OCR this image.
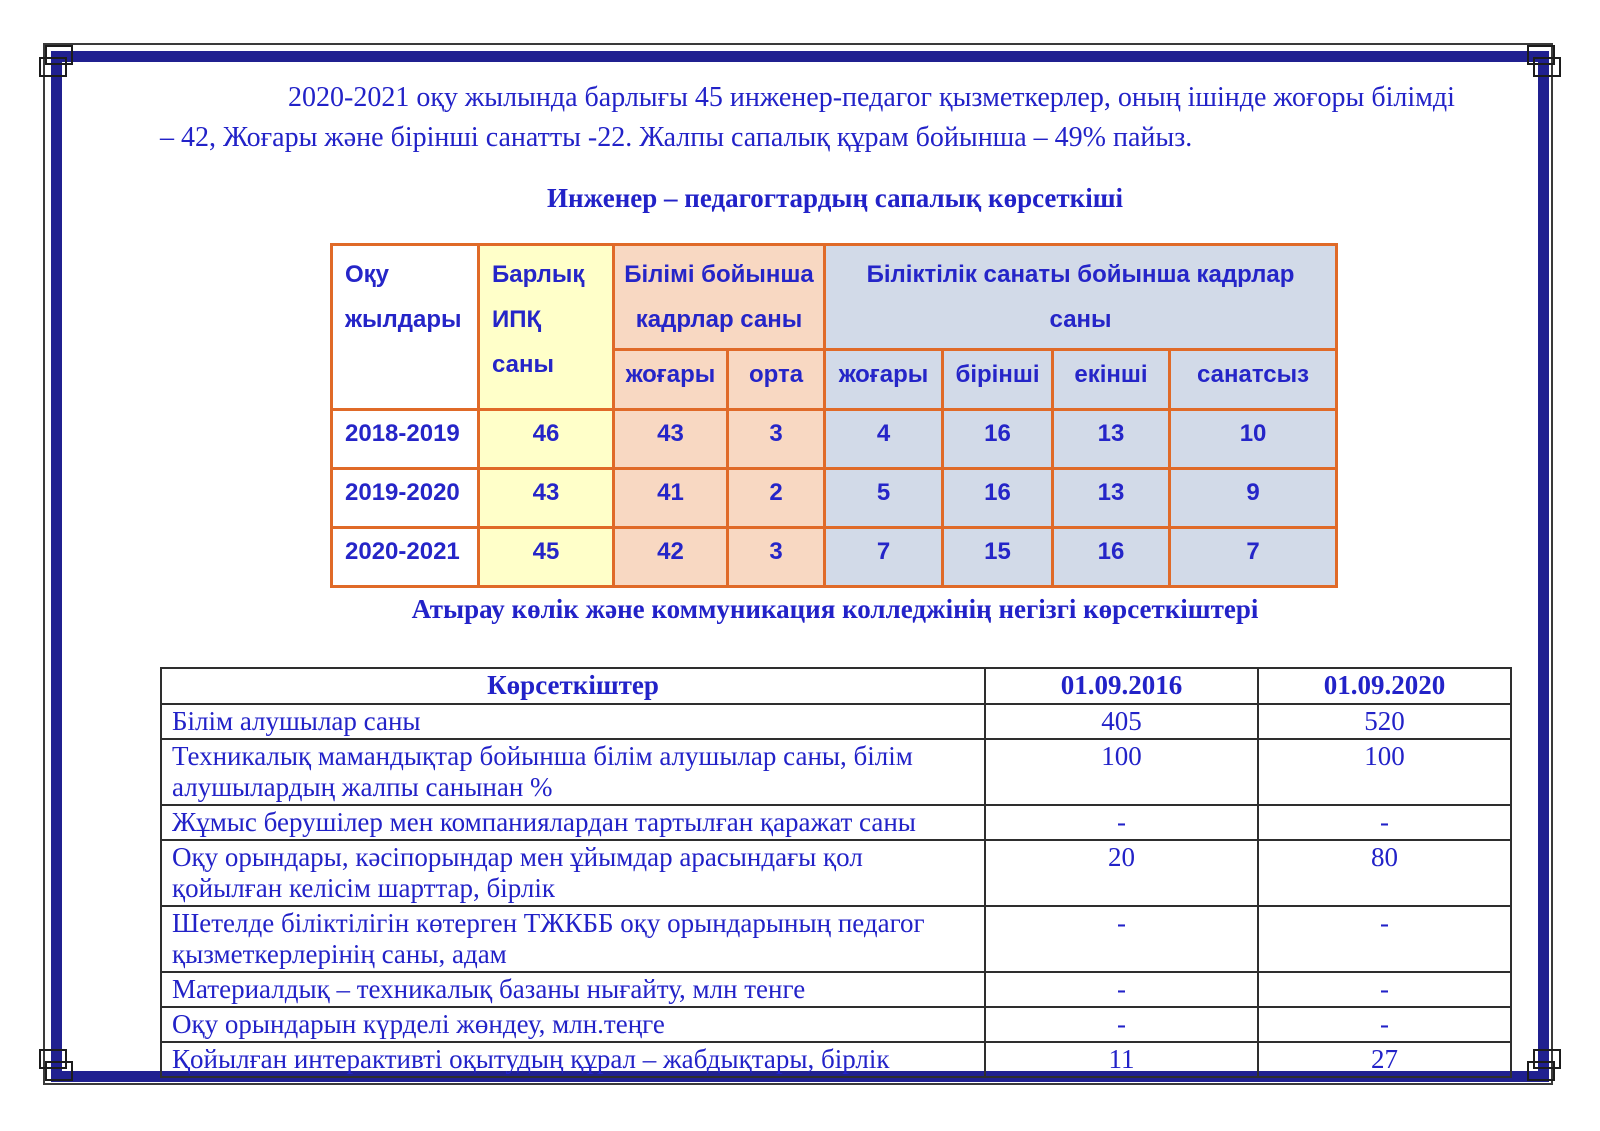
2020-2021 оқу жылында барлығы 45 инженер-педагог қызметкерлер, оның ішінде жоғоры білімді – 42, Жоғары және бірінші санатты -22. Жалпы сапалық құрам бойынша – 49% пайыз.

Инженер – педагогтардың сапалық көрсеткіші
Оқу жылдары	Барлық ИПҚ саны	Білімі бойынша кадрлар саны		Біліктілік санаты бойынша кадрлар саны			
		жоғары	орта	жоғары	бірінші	екінші	санатсыз
2018-2019	46	43	3	4	16	13	10
2019-2020	43	41	2	5	16	13	9
2020-2021	45	42	3	7	15	16	7
Атырау көлік және коммуникация колледжінің негізгі көрсеткіштері
Көрсеткіштер	01.09.2016	01.09.2020
Білім алушылар саны	405	520
Техникалық мамандықтар бойынша білім алушылар саны, білім алушылардың жалпы санынан %	100	100
Жұмыс берушілер мен компаниялардан тартылған қаражат саны	-	-
Оқу орындары, кәсіпорындар мен ұйымдар арасындағы қол қойылған келісім шарттар, бірлік	20	80
Шетелде біліктілігін көтерген ТЖКББ оқу орындарының педагог қызметкерлерінің саны, адам	-	-
Материалдық – техникалық базаны нығайту, млн тенге	-	-
Оқу орындарын күрделі жөндеу, млн.теңге	-	-
Қойылған интерактивті оқытудың құрал – жабдықтары, бірлік	11	27
